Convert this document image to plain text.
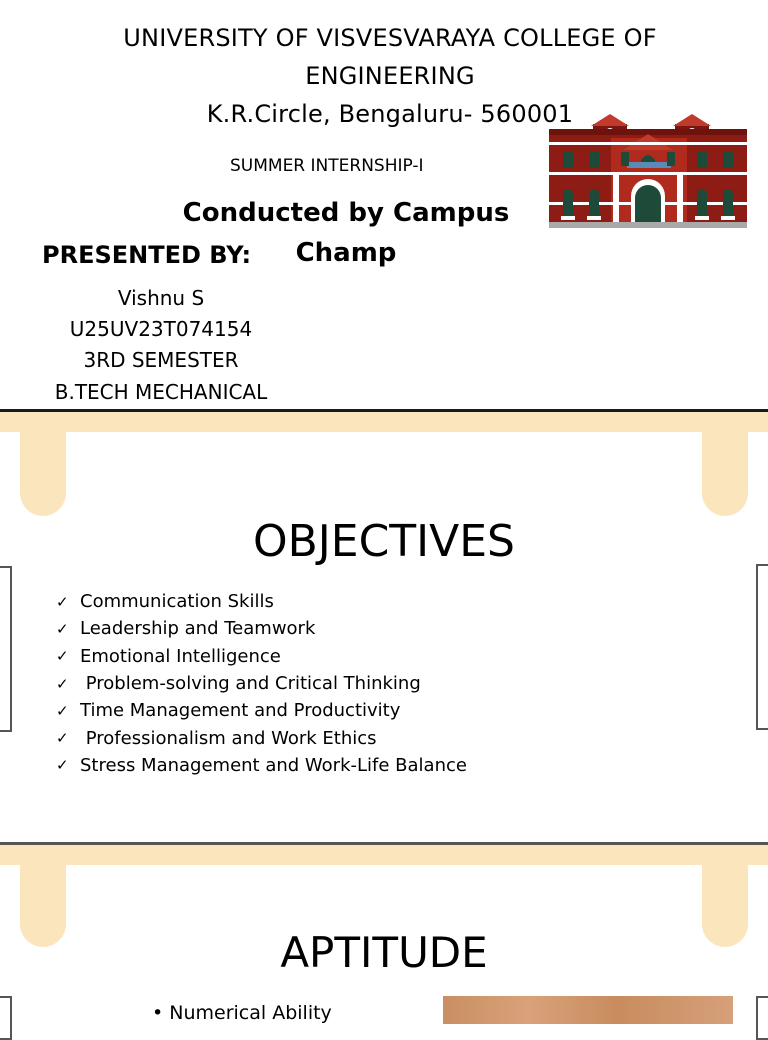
UNIVERSITY OF VISVESVARAYA COLLEGE OF
ENGINEERING
K.R.Circle, Bengaluru- 560001
SUMMER INTERNSHIP-I
Conducted by Campus Champ
PRESENTED BY:
Vishnu S
U25UV23T074154
3RD SEMESTER
B.TECH MECHANICAL
OBJECTIVES
✓ Communication Skills
✓ Leadership and Teamwork
✓ Emotional Intelligence
✓ Problem-solving and Critical Thinking
✓ Time Management and Productivity
✓ Professionalism and Work Ethics
✓ Stress Management and Work-Life Balance
APTITUDE
• Numerical Ability
